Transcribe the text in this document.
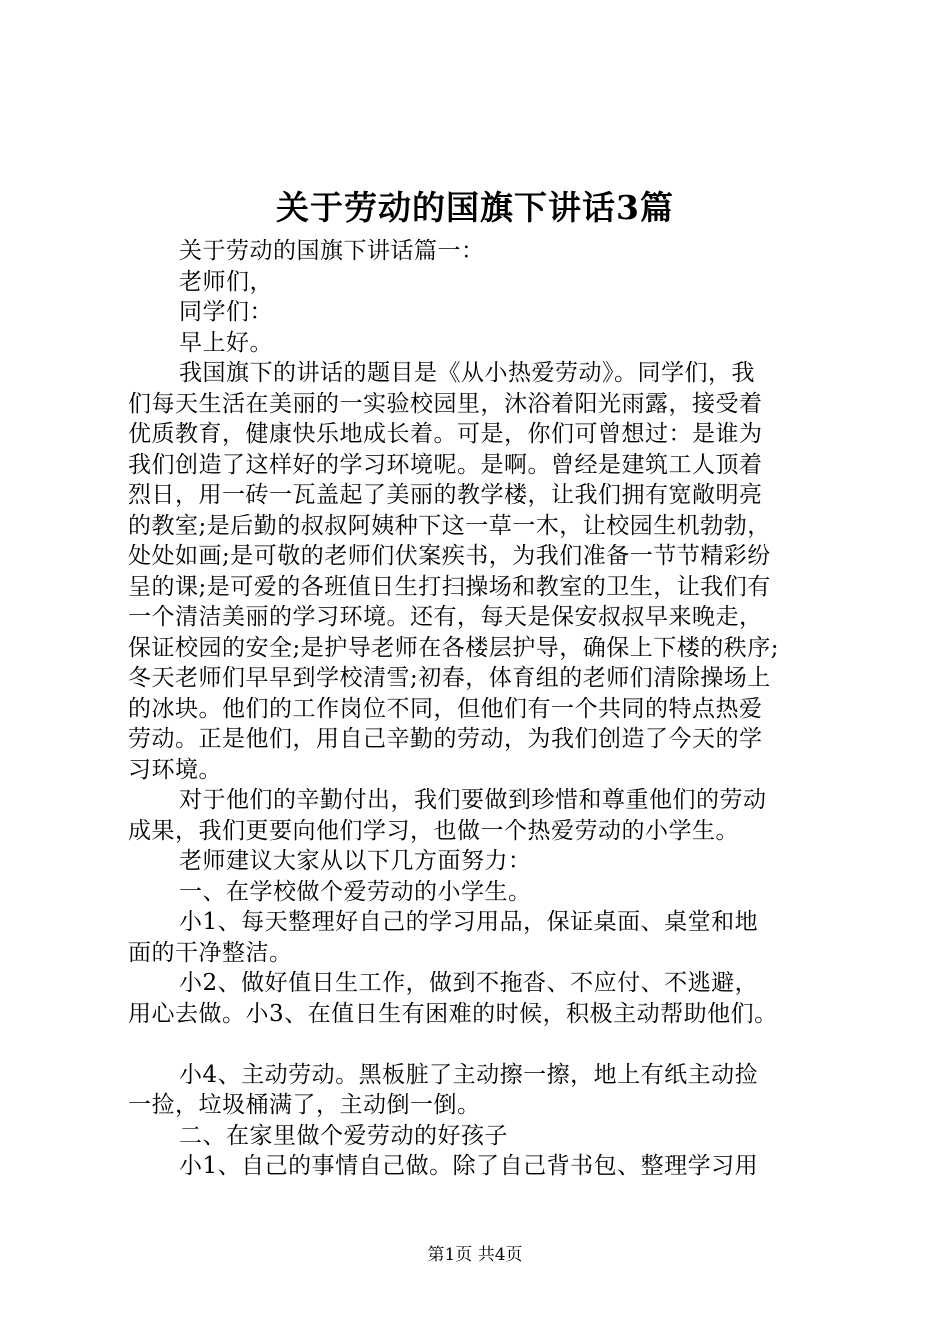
关于劳动的国旗下讲话3篇
关于劳动的国旗下讲话篇一：
老师们，
同学们：
早上好。
我国旗下的讲话的题目是《从小热爱劳动》。同学们，我
们每天生活在美丽的一实验校园里，沐浴着阳光雨露，接受着
优质教育，健康快乐地成长着。可是，你们可曾想过：是谁为
我们创造了这样好的学习环境呢。是啊。曾经是建筑工人顶着
烈日，用一砖一瓦盖起了美丽的教学楼，让我们拥有宽敞明亮
的教室;是后勤的叔叔阿姨种下这一草一木，让校园生机勃勃，
处处如画;是可敬的老师们伏案疾书，为我们准备一节节精彩纷
呈的课;是可爱的各班值日生打扫操场和教室的卫生，让我们有
一个清洁美丽的学习环境。还有，每天是保安叔叔早来晚走，
保证校园的安全;是护导老师在各楼层护导，确保上下楼的秩序;
冬天老师们早早到学校清雪;初春，体育组的老师们清除操场上
的冰块。他们的工作岗位不同，但他们有一个共同的特点热爱
劳动。正是他们，用自己辛勤的劳动，为我们创造了今天的学
习环境。
对于他们的辛勤付出，我们要做到珍惜和尊重他们的劳动
成果，我们更要向他们学习，也做一个热爱劳动的小学生。
老师建议大家从以下几方面努力：
一、在学校做个爱劳动的小学生。
小1、每天整理好自己的学习用品，保证桌面、桌堂和地
面的干净整洁。
小2、做好值日生工作，做到不拖沓、不应付、不逃避，
用心去做。小3、在值日生有困难的时候，积极主动帮助他们。
小4、主动劳动。黑板脏了主动擦一擦，地上有纸主动捡
一捡，垃圾桶满了，主动倒一倒。
二、在家里做个爱劳动的好孩子
小1、自己的事情自己做。除了自己背书包、整理学习用
第1页 共4页
